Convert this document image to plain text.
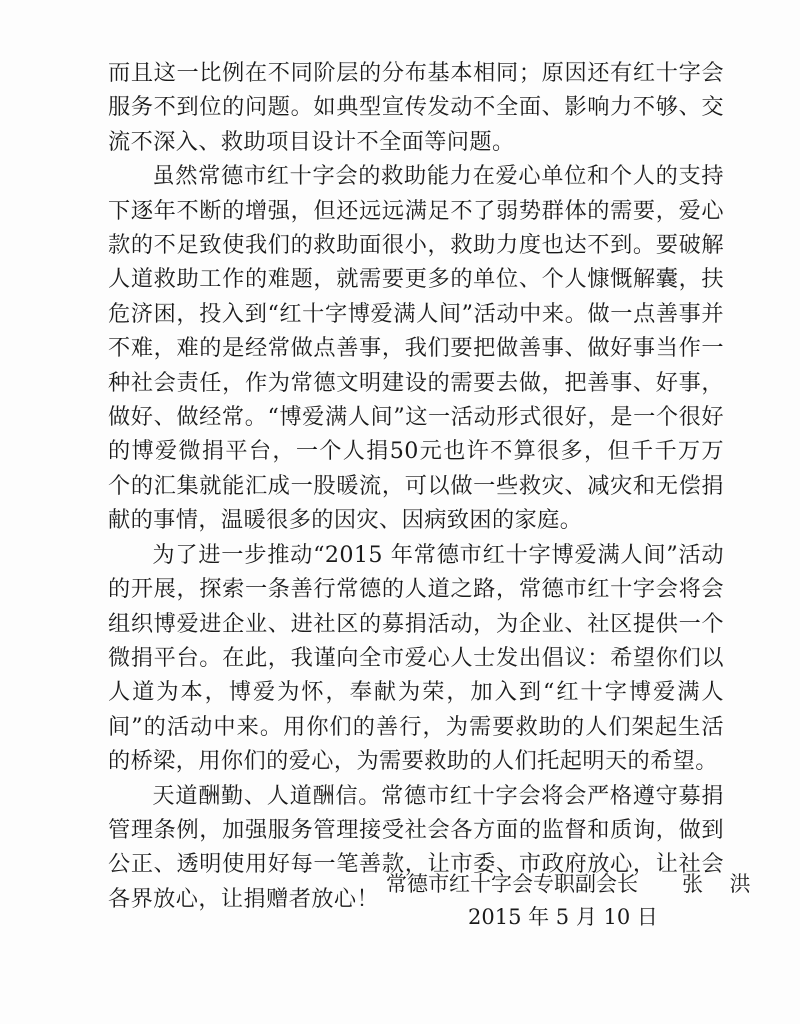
而且这一比例在不同阶层的分布基本相同；原因还有红十字会服务不到位的问题。如典型宣传发动不全面、影响力不够、交流不深入、救助项目设计不全面等问题。

虽然常德市红十字会的救助能力在爱心单位和个人的支持下逐年不断的增强，但还远远满足不了弱势群体的需要，爱心款的不足致使我们的救助面很小，救助力度也达不到。要破解人道救助工作的难题，就需要更多的单位、个人慷慨解囊，扶危济困，投入到“红十字博爱满人间”活动中来。做一点善事并不难，难的是经常做点善事，我们要把做善事、做好事当作一种社会责任，作为常德文明建设的需要去做，把善事、好事，做好、做经常。“博爱满人间”这一活动形式很好，是一个很好的博爱微捐平台，一个人捐50元也许不算很多，但千千万万个的汇集就能汇成一股暖流，可以做一些救灾、减灾和无偿捐献的事情，温暖很多的因灾、因病致困的家庭。

为了进一步推动“2015 年常德市红十字博爱满人间”活动的开展，探索一条善行常德的人道之路，常德市红十字会将会组织博爱进企业、进社区的募捐活动，为企业、社区提供一个微捐平台。在此，我谨向全市爱心人士发出倡议：希望你们以人道为本，博爱为怀，奉献为荣，加入到“红十字博爱满人间”的活动中来。用你们的善行，为需要救助的人们架起生活的桥梁，用你们的爱心，为需要救助的人们托起明天的希望。

天道酬勤、人道酬信。常德市红十字会将会严格遵守募捐管理条例，加强服务管理接受社会各方面的监督和质询，做到公正、透明使用好每一笔善款，让市委、市政府放心，让社会各界放心，让捐赠者放心！

常德市红十字会专职副会长 张 洪
2015 年 5 月 10 日
